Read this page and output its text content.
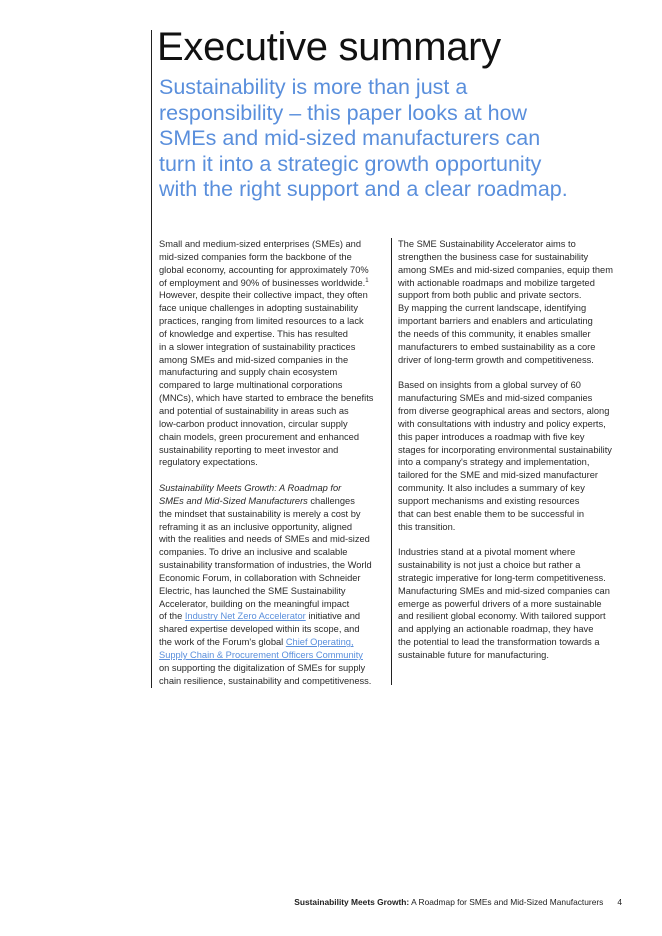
Executive summary
Sustainability is more than just a
responsibility – this paper looks at how
SMEs and mid-sized manufacturers can
turn it into a strategic growth opportunity
with the right support and a clear roadmap.

Small and medium-sized enterprises (SMEs) and
mid-sized companies form the backbone of the
global economy, accounting for approximately 70%
of employment and 90% of businesses worldwide.$^1$
However, despite their collective impact, they often
face unique challenges in adopting sustainability
practices, ranging from limited resources to a lack
of knowledge and expertise. This has resulted
in a slower integration of sustainability practices
among SMEs and mid-sized companies in the
manufacturing and supply chain ecosystem
compared to large multinational corporations
(MNCs), which have started to embrace the benefits
and potential of sustainability in areas such as
low-carbon product innovation, circular supply
chain models, green procurement and enhanced
sustainability reporting to meet investor and
regulatory expectations.

Sustainability Meets Growth: A Roadmap for
SMEs and Mid-Sized Manufacturers challenges
the mindset that sustainability is merely a cost by
reframing it as an inclusive opportunity, aligned
with the realities and needs of SMEs and mid-sized
companies. To drive an inclusive and scalable
sustainability transformation of industries, the World
Economic Forum, in collaboration with Schneider
Electric, has launched the SME Sustainability
Accelerator, building on the meaningful impact
of the Industry Net Zero Accelerator initiative and
shared expertise developed within its scope, and
the work of the Forum's global Chief Operating,
Supply Chain & Procurement Officers Community
on supporting the digitalization of SMEs for supply
chain resilience, sustainability and competitiveness.

The SME Sustainability Accelerator aims to
strengthen the business case for sustainability
among SMEs and mid-sized companies, equip them
with actionable roadmaps and mobilize targeted
support from both public and private sectors.
By mapping the current landscape, identifying
important barriers and enablers and articulating
the needs of this community, it enables smaller
manufacturers to embed sustainability as a core
driver of long-term growth and competitiveness.

Based on insights from a global survey of 60
manufacturing SMEs and mid-sized companies
from diverse geographical areas and sectors, along
with consultations with industry and policy experts,
this paper introduces a roadmap with five key
stages for incorporating environmental sustainability
into a company's strategy and implementation,
tailored for the SME and mid-sized manufacturer
community. It also includes a summary of key
support mechanisms and existing resources
that can best enable them to be successful in
this transition.

Industries stand at a pivotal moment where
sustainability is not just a choice but rather a
strategic imperative for long-term competitiveness.
Manufacturing SMEs and mid-sized companies can
emerge as powerful drivers of a more sustainable
and resilient global economy. With tailored support
and applying an actionable roadmap, they have
the potential to lead the transformation towards a
sustainable future for manufacturing.

Sustainability Meets Growth: A Roadmap for SMEs and Mid-Sized Manufacturers 4
